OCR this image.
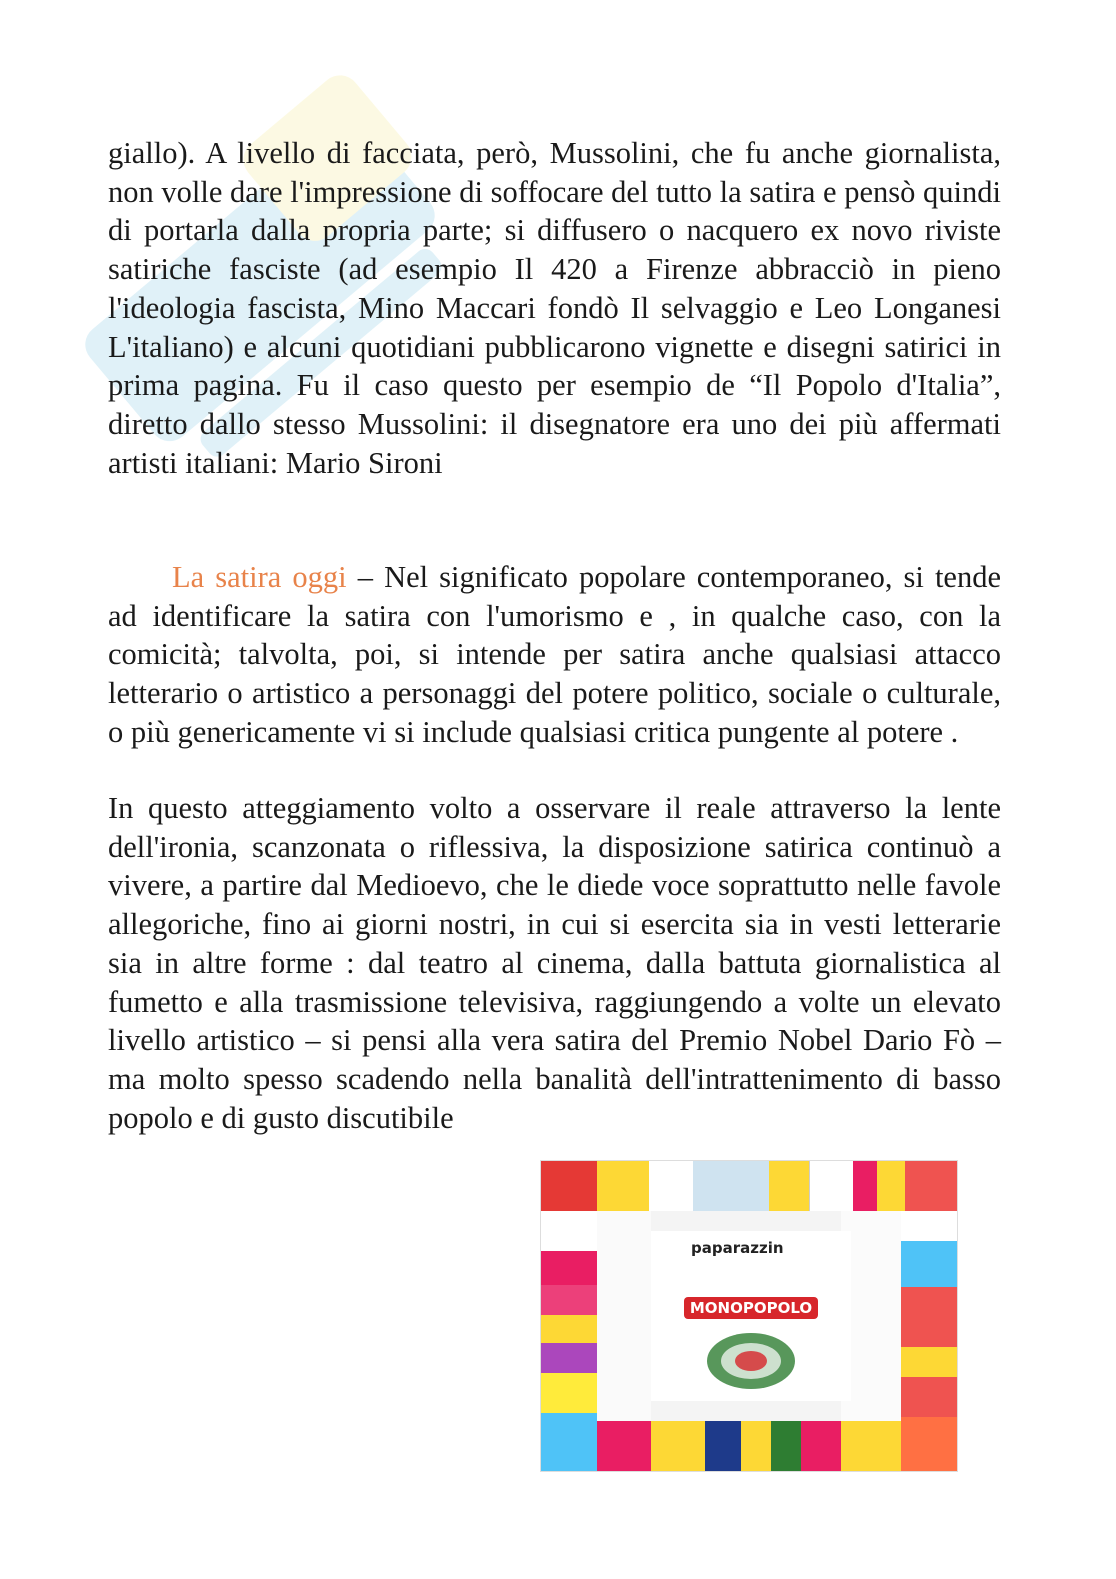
giallo). A livello di facciata, però, Mussolini, che fu anche giornalista, non volle dare l'impressione di soffocare del tutto la satira e pensò quindi di portarla dalla propria parte; si diffusero o nacquero ex novo riviste satiriche fasciste (ad esempio Il 420 a Firenze abbracciò in pieno l'ideologia fascista, Mino Maccari fondò Il selvaggio e Leo Longanesi L'italiano) e alcuni quotidiani pubblicarono vignette e disegni satirici in prima pagina. Fu il caso questo per esempio de “Il Popolo d'Italia”, diretto dallo stesso Mussolini: il disegnatore era uno dei più affermati artisti italiani: Mario Sironi

La satira oggi – Nel significato popolare contemporaneo, si tende ad identificare la satira con l'umorismo e , in qualche caso, con la comicità; talvolta, poi, si intende per satira anche qualsiasi attacco letterario o artistico a personaggi del potere politico, sociale o culturale, o più genericamente vi si include qualsiasi critica pungente al potere .

In questo atteggiamento volto a osservare il reale attraverso la lente dell'ironia, scanzonata o riflessiva, la disposizione satirica continuò a vivere, a partire dal Medioevo, che le diede voce soprattutto nelle favole allegoriche, fino ai giorni nostri, in cui si esercita sia in vesti letterarie sia in altre forme : dal teatro al cinema, dalla battuta giornalistica al fumetto e alla trasmissione televisiva, raggiungendo a volte un elevato livello artistico – si pensi alla vera satira del Premio Nobel Dario Fò – ma molto spesso scadendo nella banalità dell'intrattenimento di basso popolo e di gusto discutibile

paparazzin
MONOPOPOLO
